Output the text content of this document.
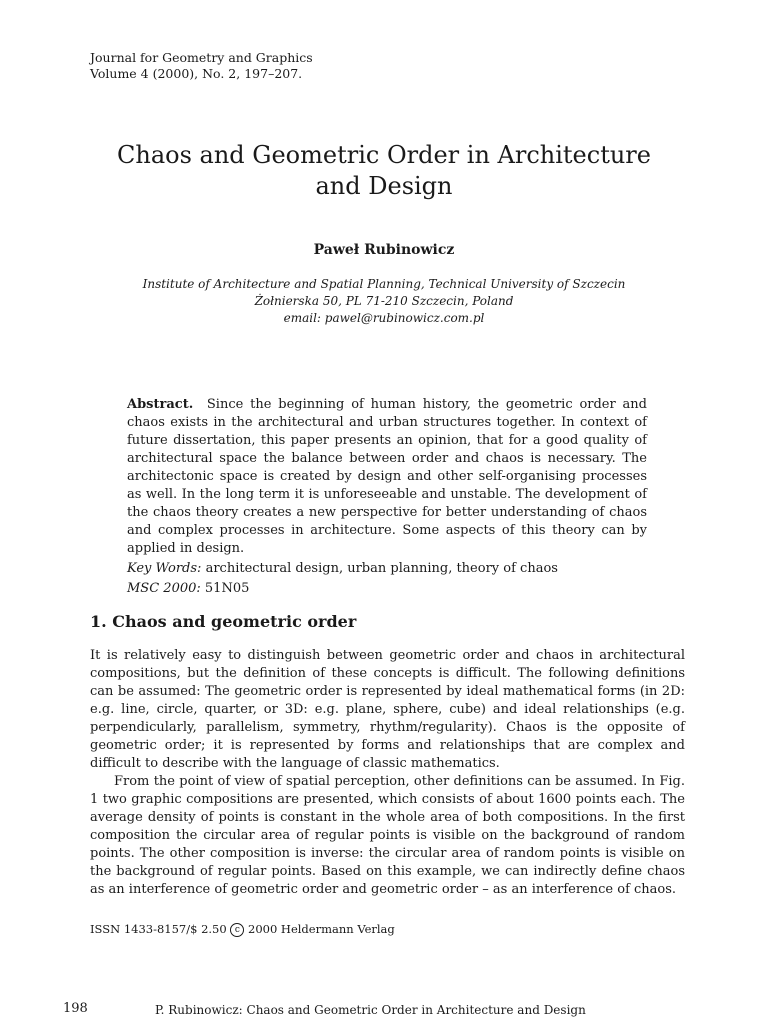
Journal for Geometry and Graphics
Volume 4 (2000), No. 2, 197–207.
Chaos and Geometric Order in Architecture
and Design
Paweł Rubinowicz
Institute of Architecture and Spatial Planning, Technical University of Szczecin
Żołnierska 50, PL 71-210 Szczecin, Poland
email: pawel@rubinowicz.com.pl

Abstract. Since the beginning of human history, the geometric order and chaos exists in the architectural and urban structures together. In context of future dissertation, this paper presents an opinion, that for a good quality of architectural space the balance between order and chaos is necessary. The architectonic space is created by design and other self-organising processes as well. In the long term it is unforeseeable and unstable. The development of the chaos theory creates a new perspective for better understanding of chaos and complex processes in architecture. Some aspects of this theory can by applied in design.

Key Words: architectural design, urban planning, theory of chaos

MSC 2000: 51N05

1. Chaos and geometric order

It is relatively easy to distinguish between geometric order and chaos in architectural compositions, but the definition of these concepts is difficult. The following definitions can be assumed: The geometric order is represented by ideal mathematical forms (in 2D: e.g. line, circle, quarter, or 3D: e.g. plane, sphere, cube) and ideal relationships (e.g. perpendicularly, parallelism, symmetry, rhythm/regularity). Chaos is the opposite of geometric order; it is represented by forms and relationships that are complex and difficult to describe with the language of classic mathematics.

From the point of view of spatial perception, other definitions can be assumed. In Fig. 1 two graphic compositions are presented, which consists of about 1600 points each. The average density of points is constant in the whole area of both compositions. In the first composition the circular area of regular points is visible on the background of random points. The other composition is inverse: the circular area of random points is visible on the background of regular points. Based on this example, we can indirectly define chaos as an interference of geometric order and geometric order – as an interference of chaos.

ISSN 1433-8157/$ 2.50 c 2000 Heldermann Verlag
198	P. Rubinowicz: Chaos and Geometric Order in Architecture and Design
